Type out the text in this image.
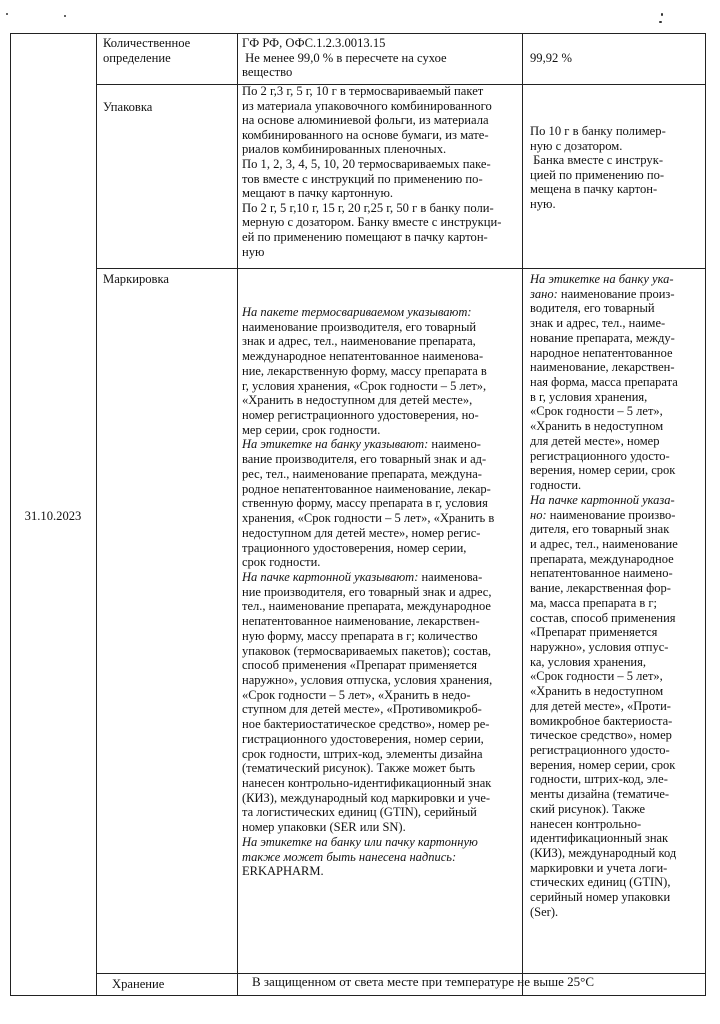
31.10.2023
Количественное
определение
ГФ РФ, ОФС.1.2.3.0013.15
Не менее 99,0 % в пересчете на сухое
вещество
99,92 %
Упаковка
По 2 г,3 г, 5 г, 10 г в термосвариваемый пакет
из материала упаковочного комбинированного
на основе алюминиевой фольги, из материала
комбинированного на основе бумаги, из мате-
риалов комбинированных пленочных.
По 1, 2, 3, 4, 5, 10, 20 термосвариваемых паке-
тов вместе с инструкций по применению по-
мещают в пачку картонную.
По 2 г, 5 г,10 г, 15 г, 20 г,25 г, 50 г в банку поли-
мерную с дозатором. Банку вместе с инструкци-
ей по применению помещают в пачку картон-
ную
По 10 г в банку полимер-
ную с дозатором.
Банка вместе с инструк-
цией по применению по-
мещена в пачку картон-
ную.
Маркировка
На пакете термосвариваемом указывают:
наименование производителя, его товарный
знак и адрес, тел., наименование препарата,
международное непатентованное наименова-
ние, лекарственную форму, массу препарата в
г, условия хранения, «Срок годности – 5 лет»,
«Хранить в недоступном для детей месте»,
номер регистрационного удостоверения, но-
мер серии, срок годности.
На этикетке на банку указывают: наимено-
вание производителя, его товарный знак и ад-
рес, тел., наименование препарата, междуна-
родное непатентованное наименование, лекар-
ственную форму, массу препарата в г, условия
хранения, «Срок годности – 5 лет», «Хранить в
недоступном для детей месте», номер регис-
трационного удостоверения, номер серии,
срок годности.
На пачке картонной указывают: наименова-
ние производителя, его товарный знак и адрес,
тел., наименование препарата, международное
непатентованное наименование, лекарствен-
ную форму, массу препарата в г; количество
упаковок (термосвариваемых пакетов); состав,
способ применения «Препарат применяется
наружно», условия отпуска, условия хранения,
«Срок годности – 5 лет», «Хранить в недо-
ступном для детей месте», «Противомикроб-
ное бактериостатическое средство», номер ре-
гистрационного удостоверения, номер серии,
срок годности, штрих-код, элементы дизайна
(тематический рисунок). Также может быть
нанесен контрольно-идентификационный знак
(КИЗ), международный код маркировки и уче-
та логистических единиц (GTIN), серийный
номер упаковки (SER или SN).
На этикетке на банку или пачку картонную
также может быть нанесена надпись:
ERKAPHARM.
На этикетке на банку ука-
зано: наименование произ-
водителя, его товарный
знак и адрес, тел., наиме-
нование препарата, между-
народное непатентованное
наименование, лекарствен-
ная форма, масса препарата
в г, условия хранения,
«Срок годности – 5 лет»,
«Хранить в недоступном
для детей месте», номер
регистрационного удосто-
верения, номер серии, срок
годности.
На пачке картонной указа-
но: наименование произво-
дителя, его товарный знак
и адрес, тел., наименование
препарата, международное
непатентованное наимено-
вание, лекарственная фор-
ма, масса препарата в г;
состав, способ применения
«Препарат применяется
наружно», условия отпус-
ка, условия хранения,
«Срок годности – 5 лет»,
«Хранить в недоступном
для детей месте», «Проти-
вомикробное бактериоста-
тическое средство», номер
регистрационного удосто-
верения, номер серии, срок
годности, штрих-код, эле-
менты дизайна (тематиче-
ский рисунок). Также
нанесен контрольно-
идентификационный знак
(КИЗ), международный код
маркировки и учета логи-
стических единиц (GTIN),
серийный номер упаковки
(Ser).
Хранение	В защищенном от света месте при температуре не выше 25°С
